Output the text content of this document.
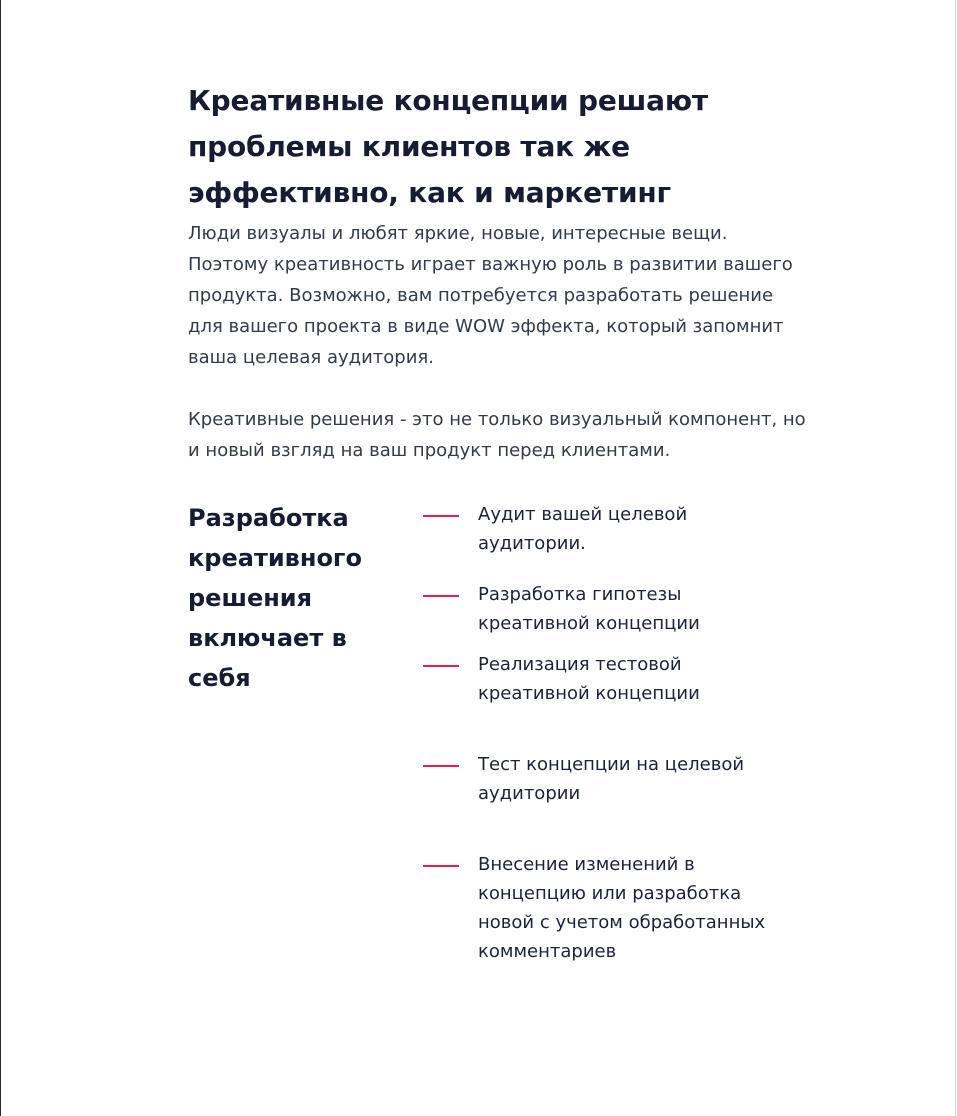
Креативные концепции решают проблемы клиентов так же эффективно, как и маркетинг

Люди визуалы и любят яркие, новые, интересные вещи. Поэтому креативность играет важную роль в развитии вашего продукта. Возможно, вам потребуется разработать решение для вашего проекта в виде WOW эффекта, который запомнит ваша целевая аудитория.

Креативные решения - это не только визуальный компонент, но и новый взгляд на ваш продукт перед клиентами.

Разработка креативного решения включает в себя
Аудит вашей целевой аудитории.
Разработка гипотезы креативной концепции
Реализация тестовой креативной концепции
Тест концепции на целевой аудитории
Внесение изменений в концепцию или разработка новой с учетом обработанных комментариев
